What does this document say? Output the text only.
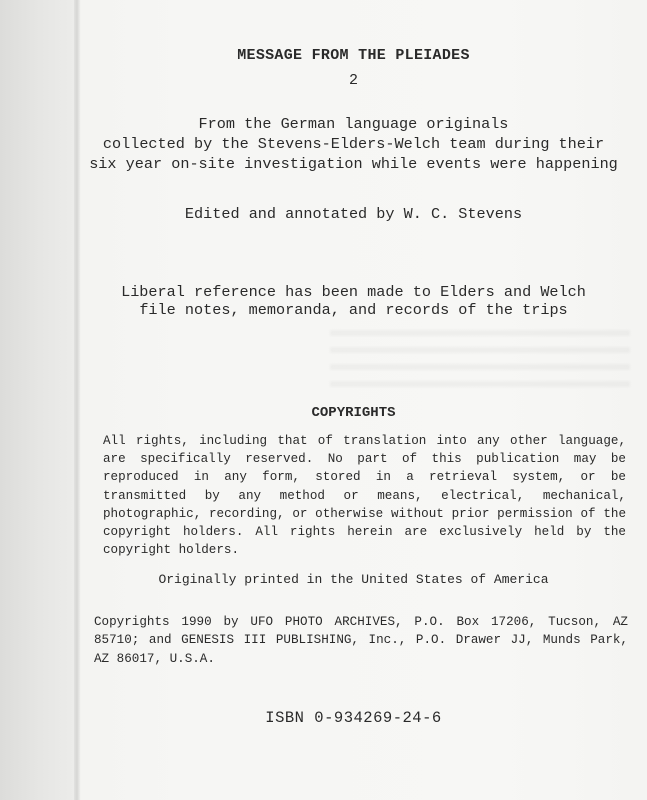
MESSAGE FROM THE PLEIADES

2

From the German language originals
collected by the Stevens-Elders-Welch team during their
six year on-site investigation while events were happening

Edited and annotated by W. C. Stevens

Liberal reference has been made to Elders and Welch
file notes, memoranda, and records of the trips

COPYRIGHTS

All rights, including that of translation into any other language, are specifically reserved. No part of this publication may be reproduced in any form, stored in a retrieval system, or be transmitted by any method or means, electrical, mechanical, photographic, recording, or otherwise without prior permission of the copyright holders. All rights herein are exclusively held by the copyright holders.

Originally printed in the United States of America

Copyrights 1990 by UFO PHOTO ARCHIVES, P.O. Box 17206, Tucson, AZ 85710; and GENESIS III PUBLISHING, Inc., P.O. Drawer JJ, Munds Park, AZ 86017, U.S.A.

ISBN 0-934269-24-6
